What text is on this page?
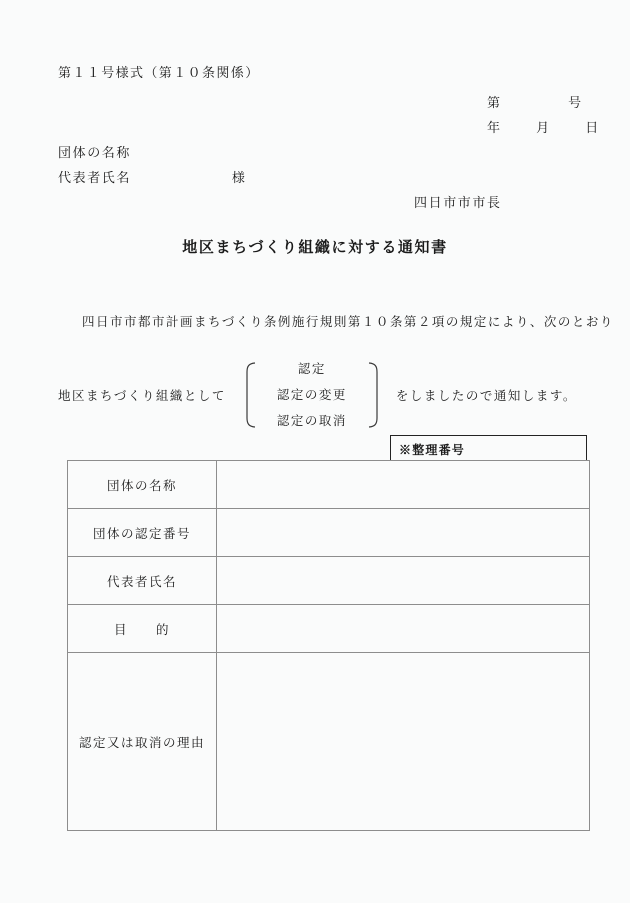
第１１号様式（第１０条関係）
第	号
年	月	日
団体の名称
代表者氏名	様
四日市市市長
地区まちづくり組織に対する通知書
四日市市都市計画まちづくり条例施行規則第１０条第２項の規定により、次のとおり
地区まちづくり組織として
認定
認定の変更
認定の取消
をしましたので通知します。
※整理番号
団体の名称	
団体の認定番号	
代表者氏名	
目　　的	
認定又は取消の理由	
